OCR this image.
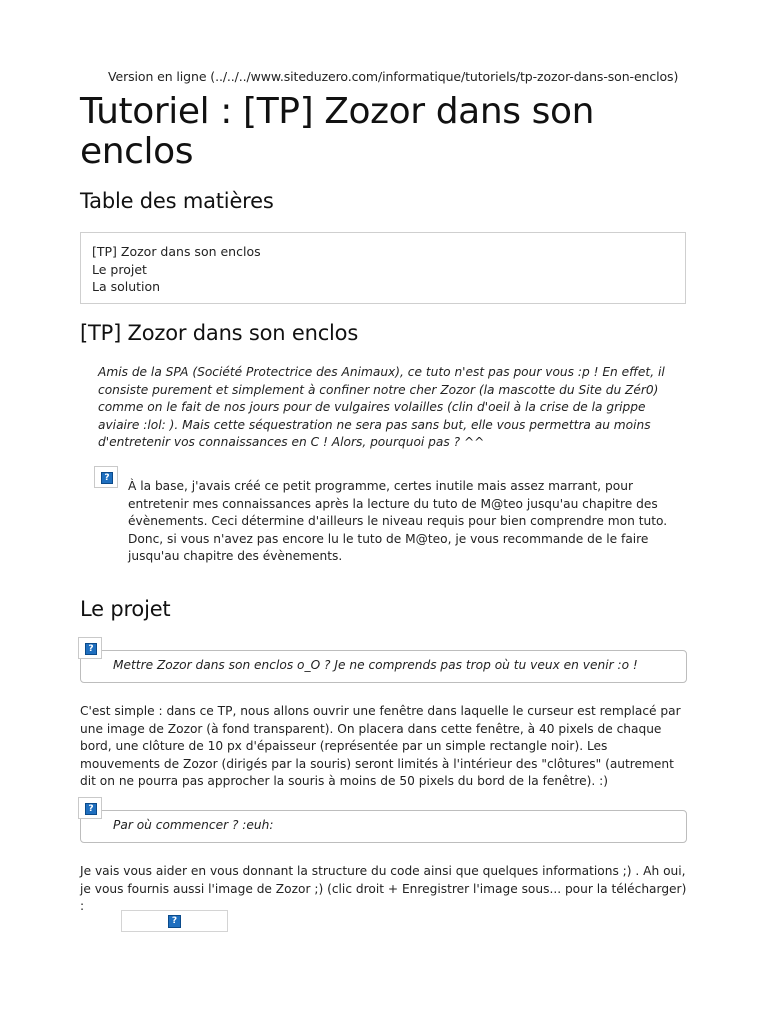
Version en ligne (../../../www.siteduzero.com/informatique/tutoriels/tp-zozor-dans-son-enclos)
Tutoriel : [TP] Zozor dans son enclos
Table des matières
[TP] Zozor dans son enclos
Le projet
La solution
[TP] Zozor dans son enclos

Amis de la SPA (Société Protectrice des Animaux), ce tuto n'est pas pour vous :p ! En effet, il consiste purement et simplement à confiner notre cher Zozor (la mascotte du Site du Zér0) comme on le fait de nos jours pour de vulgaires volailles (clin d'oeil à la crise de la grippe aviaire :lol: ). Mais cette séquestration ne sera pas sans but, elle vous permettra au moins d'entretenir vos connaissances en C ! Alors, pourquoi pas ? ^^

?

À la base, j'avais créé ce petit programme, certes inutile mais assez marrant, pour entretenir mes connaissances après la lecture du tuto de M@teo jusqu'au chapitre des évènements. Ceci détermine d'ailleurs le niveau requis pour bien comprendre mon tuto. Donc, si vous n'avez pas encore lu le tuto de M@teo, je vous recommande de le faire jusqu'au chapitre des évènements.

Le projet
Mettre Zozor dans son enclos o_O ? Je ne comprends pas trop où tu veux en venir :o !
?

C'est simple : dans ce TP, nous allons ouvrir une fenêtre dans laquelle le curseur est remplacé par une image de Zozor (à fond transparent). On placera dans cette fenêtre, à 40 pixels de chaque bord, une clôture de 10 px d'épaisseur (représentée par un simple rectangle noir). Les mouvements de Zozor (dirigés par la souris) seront limités à l'intérieur des "clôtures" (autrement dit on ne pourra pas approcher la souris à moins de 50 pixels du bord de la fenêtre). :)

Par où commencer ? :euh:
?

Je vais vous aider en vous donnant la structure du code ainsi que quelques informations ;) . Ah oui, je vous fournis aussi l'image de Zozor ;) (clic droit + Enregistrer l'image sous... pour la télécharger) :

?
